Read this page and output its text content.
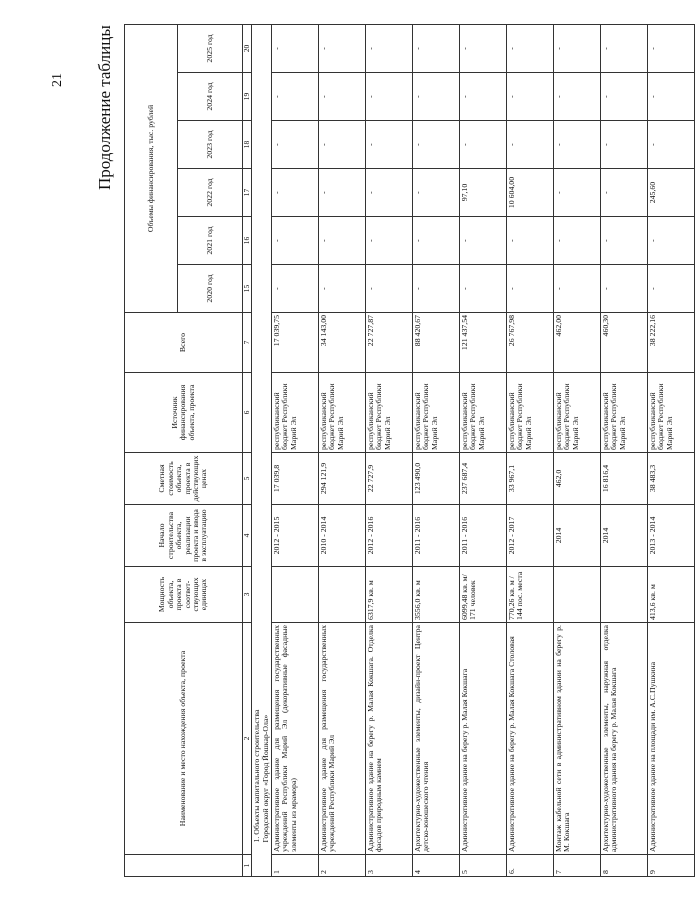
21 Продолжение таблицы
	Наименование и место нахождения объекта, проекта	Мощность объекта, проекта в соответ-ствующих единицах	Начало строительства объекта, реализации проекта и ввода в эксплуатацию	Сметная стоимость объекта, проекта в действующих ценах	Источник финансирования объекта, проекта	Всего	Объемы финансирования, тыс. рублей					
							2020 год	2021 год	2022 год	2023 год	2024 год	2025 год
1	2	3	4	5	6	7	15	16	17	18	19	20

	1. Объекты капитального строительства Городской округ «Город Йошкар-Ола»											

1	Административное здание для размещения государственных учреждений Республики Марий Эл (декоративные фасадные элементы из мрамора)		2012 - 2015	17 039,8	республиканский бюджет Республики Марий Эл	17 039,75	-	-	-	-	-	-
2	Административное здание для размещения государственных учреждений Республики Марий Эл		2010 - 2014	294 121,9	республиканский бюджет Республики Марий Эл	34 143,00	-	-	-	-	-	-
3	Административное здание на берегу р. Малая Кокшага. Отделка фасадов природным камнем	6317,9 кв. м	2012 - 2016	22 727,9	республиканский бюджет Республики Марий Эл	22 727,87	-	-	-	-	-	-
4	Архитектурно-художественные элементы, дизайн-проект Центра детско-юношеского чтения	3556,0 кв. м	2011 - 2016	123 490,0	республиканский бюджет Республики Марий Эл	88 420,67	-	-	-	-	-	-
5	Административное здание на берегу р. Малая Кокшага	6099,48 кв. м/ 171 человек	2011 - 2016	237 687,4	республиканский бюджет Республики Марий Эл	121 437,54	-	-	97,10	-	-	-
6.	Административное здание на берегу р. Малая Кокшага Столовая	770,26 кв. м / 144 пос. места	2012 - 2017	33 967,1	республиканский бюджет Республики Марий Эл	26 767,98	-	-	10 604,00	-	-	-
7	Монтаж кабельной сети в административном здании на берегу р. М. Кокшага		2014	462,0	республиканский бюджет Республики Марий Эл	462,00	-	-	-	-	-	-
8	Архитектурно-художественные элементы, наружная отделка административного здания на берегу р. Малая Кокшага		2014	16 816,4	республиканский бюджет Республики Марий Эл	460,30	-	-	-	-	-	-
9	Административное здание на площади им. А.С.Пушкина	413,6 кв. м	2013 - 2014	38 483,3	республиканский бюджет Республики Марий Эл	38 222,16	-	-	245,60	-	-	-
